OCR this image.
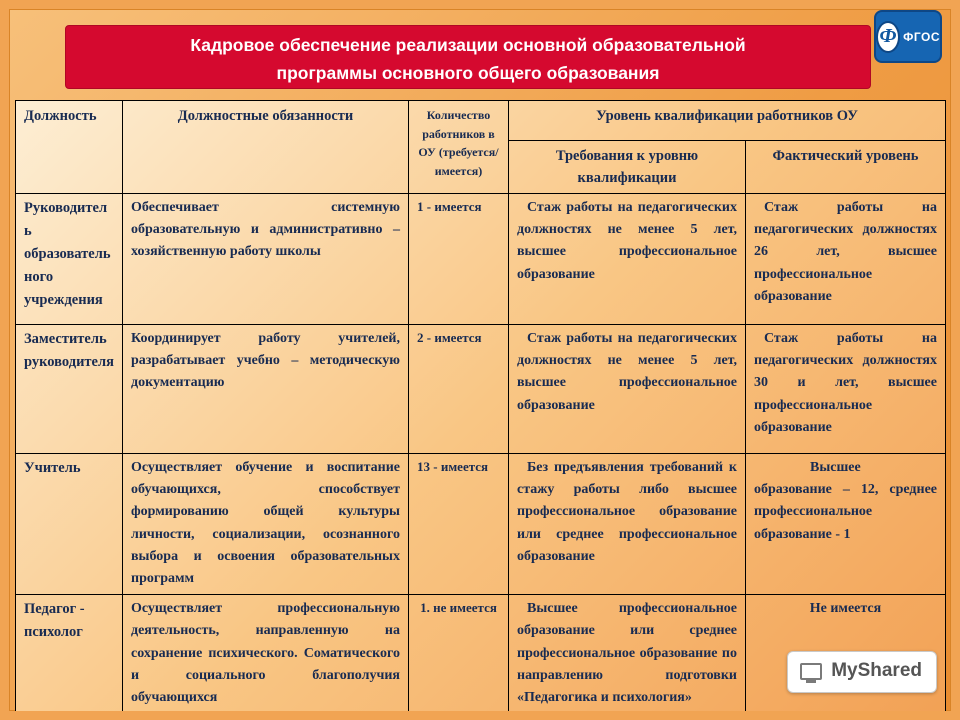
Ф ФГОС
Кадровое обеспечение реализации основной образовательной
программы основного общего образования
Должность	Должностные обязанности	Количество работников в ОУ (требуется/ имеется)	Уровень квалификации работников ОУ	
			Требования к уровню квалификации	Фактический уровень
Руководитель образовательного учреждения	Обеспечивает системную образовательную и административно – хозяйственную работу школы	1 - имеется	Стаж работы на педагогических должностях не менее 5 лет, высшее профессиональное образование	Стаж работы на педагогических должностях 26 лет, высшее профессиональное образование
Заместитель руководителя	Координирует работу учителей, разрабатывает учебно – методическую документацию	2 - имеется	Стаж работы на педагогических должностях не менее 5 лет, высшее профессиональное образование	Стаж работы на педагогических должностях 30 и лет, высшее профессиональное образование
Учитель	Осуществляет обучение и воспитание обучающихся, способствует формированию общей культуры личности, социализации, осознанного выбора и освоения образовательных программ	13 - имеется	Без предъявления требований к стажу работы либо высшее профессиональное образование или среднее профессиональное образование	Высшее образование – 12, среднее профессиональное образование - 1
Педагог - психолог	Осуществляет профессиональную деятельность, направленную на сохранение психического. Соматического и социального благополучия обучающихся	1. не имеется	Высшее профессиональное образование или среднее профессиональное образование по направлению подготовки «Педагогика и психология»	Не имеется
MyShared
